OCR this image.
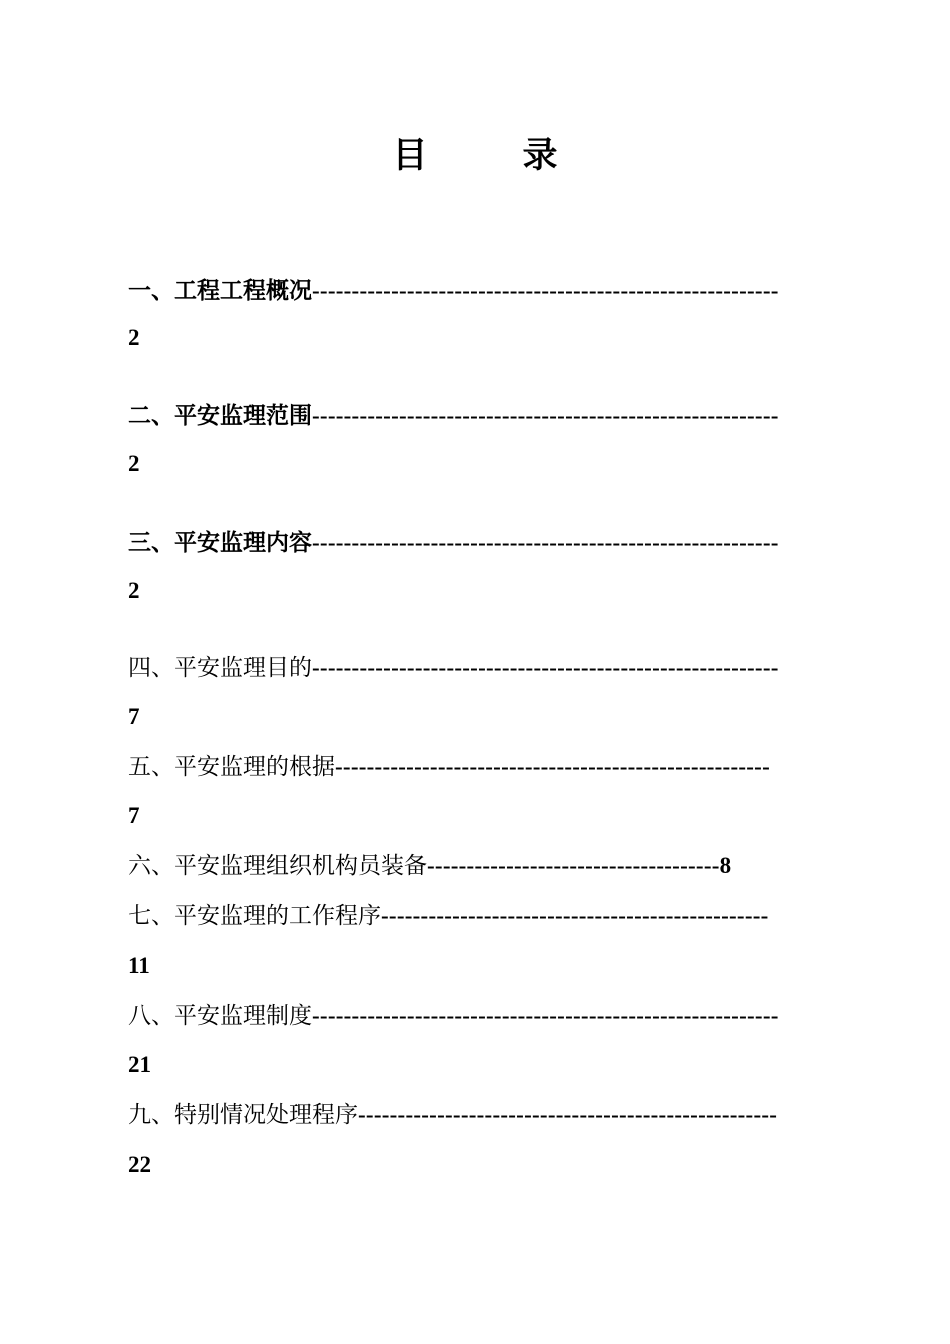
目　录
一、工程工程概况-----------------------------------------------------------
2
二、平安监理范围-----------------------------------------------------------
2
三、平安监理内容-----------------------------------------------------------
2
四、平安监理目的-----------------------------------------------------------
7
五、平安监理的根据-------------------------------------------------------
7
六、平安监理组织机构员装备-------------------------------------8
七、平安监理的工作程序-------------------------------------------------
11
八、平安监理制度-----------------------------------------------------------
21
九、特别情况处理程序-----------------------------------------------------
22
